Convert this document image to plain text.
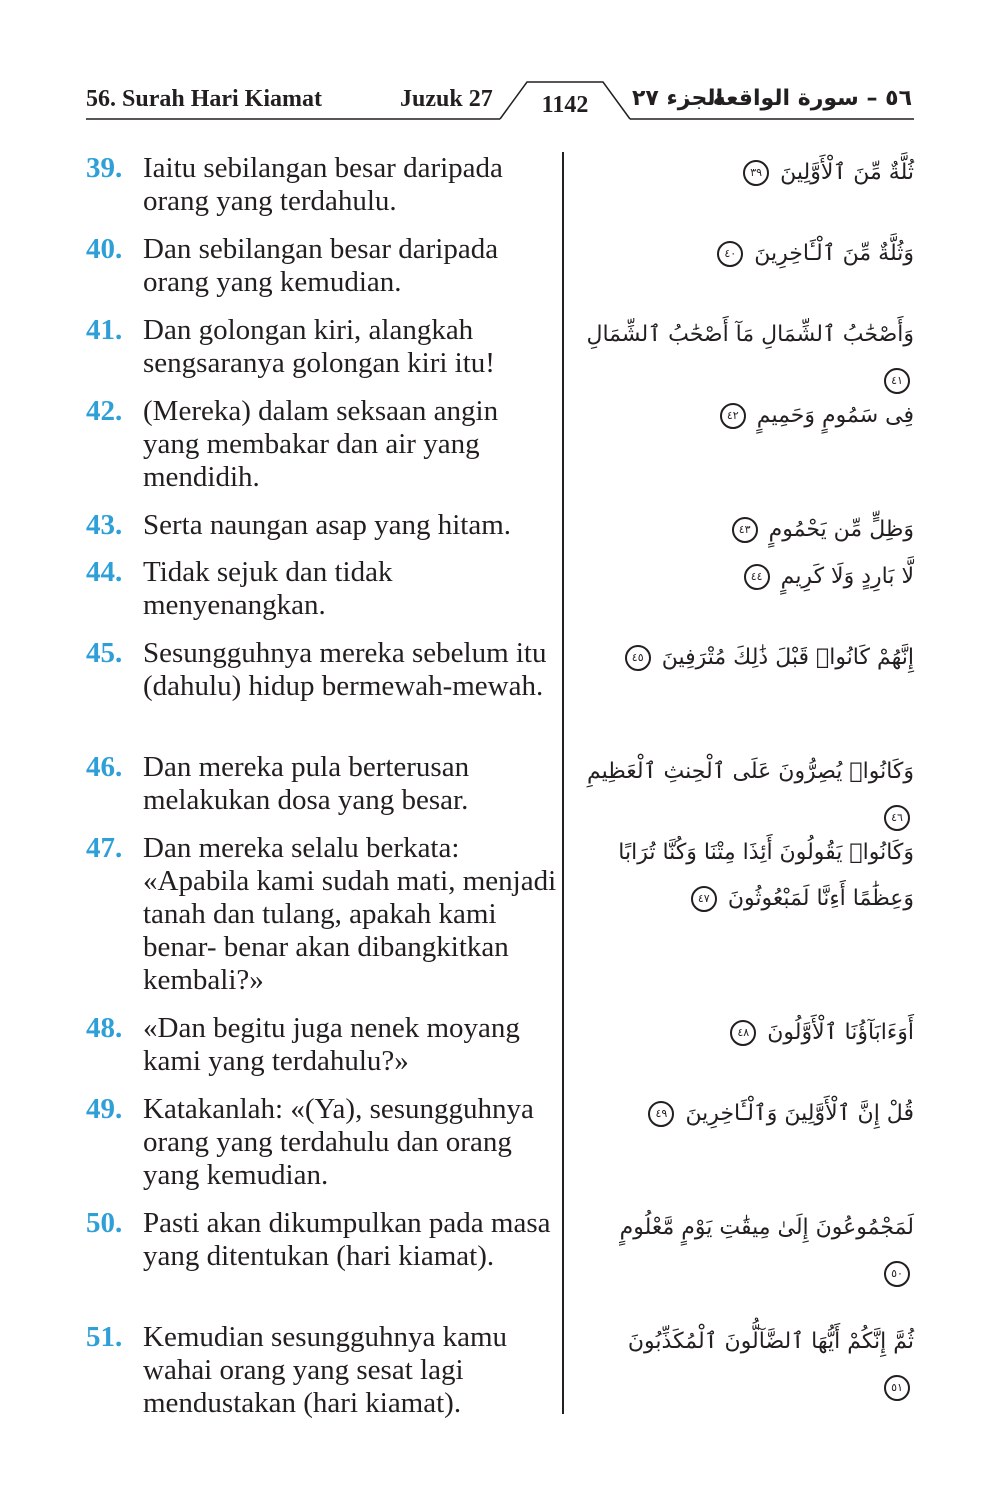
56. Surah Hari Kiamat	Juzuk 27	1142	الجزء ٢٧
٥٦ – سورة الواقعة
39. Iaitu sebilangan besar daripada orang yang terdahulu.
ثُلَّةٌ مِّنَ ٱلْأَوَّلِينَ ٣٩
40. Dan sebilangan besar daripada orang yang kemudian.
وَثُلَّةٌ مِّنَ ٱلْـَٔاخِرِينَ ٤٠
41. Dan golongan kiri, alangkah sengsaranya golongan kiri itu!
وَأَصْحَٰبُ ٱلشِّمَالِ مَآ أَصْحَٰبُ ٱلشِّمَالِ ٤١
42. (Mereka) dalam seksaan angin yang membakar dan air yang mendidih.
فِى سَمُومٍ وَحَمِيمٍ ٤٢
43. Serta naungan asap yang hitam.	وَظِلٍّ مِّن يَحْمُومٍ ٤٣
44. Tidak sejuk dan tidak menyenangkan.
لَّا بَارِدٍ وَلَا كَرِيمٍ ٤٤
45. Sesungguhnya mereka sebelum itu (dahulu) hidup bermewah-mewah.
إِنَّهُمْ كَانُوا۟ قَبْلَ ذَٰلِكَ مُتْرَفِينَ ٤٥
46. Dan mereka pula berterusan melakukan dosa yang besar.
وَكَانُوا۟ يُصِرُّونَ عَلَى ٱلْحِنثِ ٱلْعَظِيمِ ٤٦
47. Dan mereka selalu berkata: «Apabila kami sudah mati, menjadi tanah dan tulang, apakah kami benar- benar akan dibangkitkan kembali?»
وَكَانُوا۟ يَقُولُونَ أَئِذَا مِتْنَا وَكُنَّا تُرَابًا وَعِظَٰمًا أَءِنَّا لَمَبْعُوثُونَ ٤٧
48. «Dan begitu juga nenek moyang kami yang terdahulu?»
أَوَءَابَآؤُنَا ٱلْأَوَّلُونَ ٤٨
49. Katakanlah: «(Ya), sesungguhnya orang yang terdahulu dan orang yang kemudian.
قُلْ إِنَّ ٱلْأَوَّلِينَ وَٱلْـَٔاخِرِينَ ٤٩
50. Pasti akan dikumpulkan pada masa yang ditentukan (hari kiamat).
لَمَجْمُوعُونَ إِلَىٰ مِيقَٰتِ يَوْمٍ مَّعْلُومٍ ٥٠
51. Kemudian sesungguhnya kamu wahai orang yang sesat lagi mendustakan (hari kiamat).
ثُمَّ إِنَّكُمْ أَيُّهَا ٱلضَّآلُّونَ ٱلْمُكَذِّبُونَ ٥١
